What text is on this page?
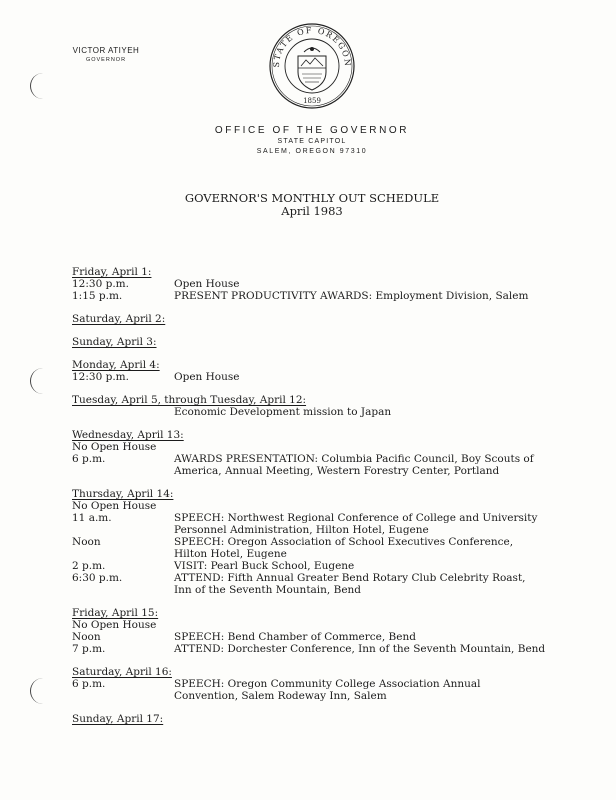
VICTOR ATIYEH
GOVERNOR
STATE OF OREGON
1859
OFFICE OF THE GOVERNOR
STATE CAPITOL
SALEM, OREGON 97310
GOVERNOR'S MONTHLY OUT SCHEDULE
April 1983
Friday, April 1:
12:30 p.m.	Open House
1:15 p.m.	PRESENT PRODUCTIVITY AWARDS: Employment Division, Salem
Saturday, April 2:
Sunday, April 3:
Monday, April 4:
12:30 p.m.	Open House
Tuesday, April 5, through Tuesday, April 12:
Economic Development mission to Japan
Wednesday, April 13:
No Open House
6 p.m.	AWARDS PRESENTATION: Columbia Pacific Council, Boy Scouts of
America, Annual Meeting, Western Forestry Center, Portland
Thursday, April 14:
No Open House
11 a.m.	SPEECH: Northwest Regional Conference of College and University
Personnel Administration, Hilton Hotel, Eugene
Noon	SPEECH: Oregon Association of School Executives Conference,
Hilton Hotel, Eugene
2 p.m.	VISIT: Pearl Buck School, Eugene
6:30 p.m.	ATTEND: Fifth Annual Greater Bend Rotary Club Celebrity Roast,
Inn of the Seventh Mountain, Bend
Friday, April 15:
No Open House
Noon	SPEECH: Bend Chamber of Commerce, Bend
7 p.m.	ATTEND: Dorchester Conference, Inn of the Seventh Mountain, Bend
Saturday, April 16:
6 p.m.	SPEECH: Oregon Community College Association Annual
Convention, Salem Rodeway Inn, Salem
Sunday, April 17:
